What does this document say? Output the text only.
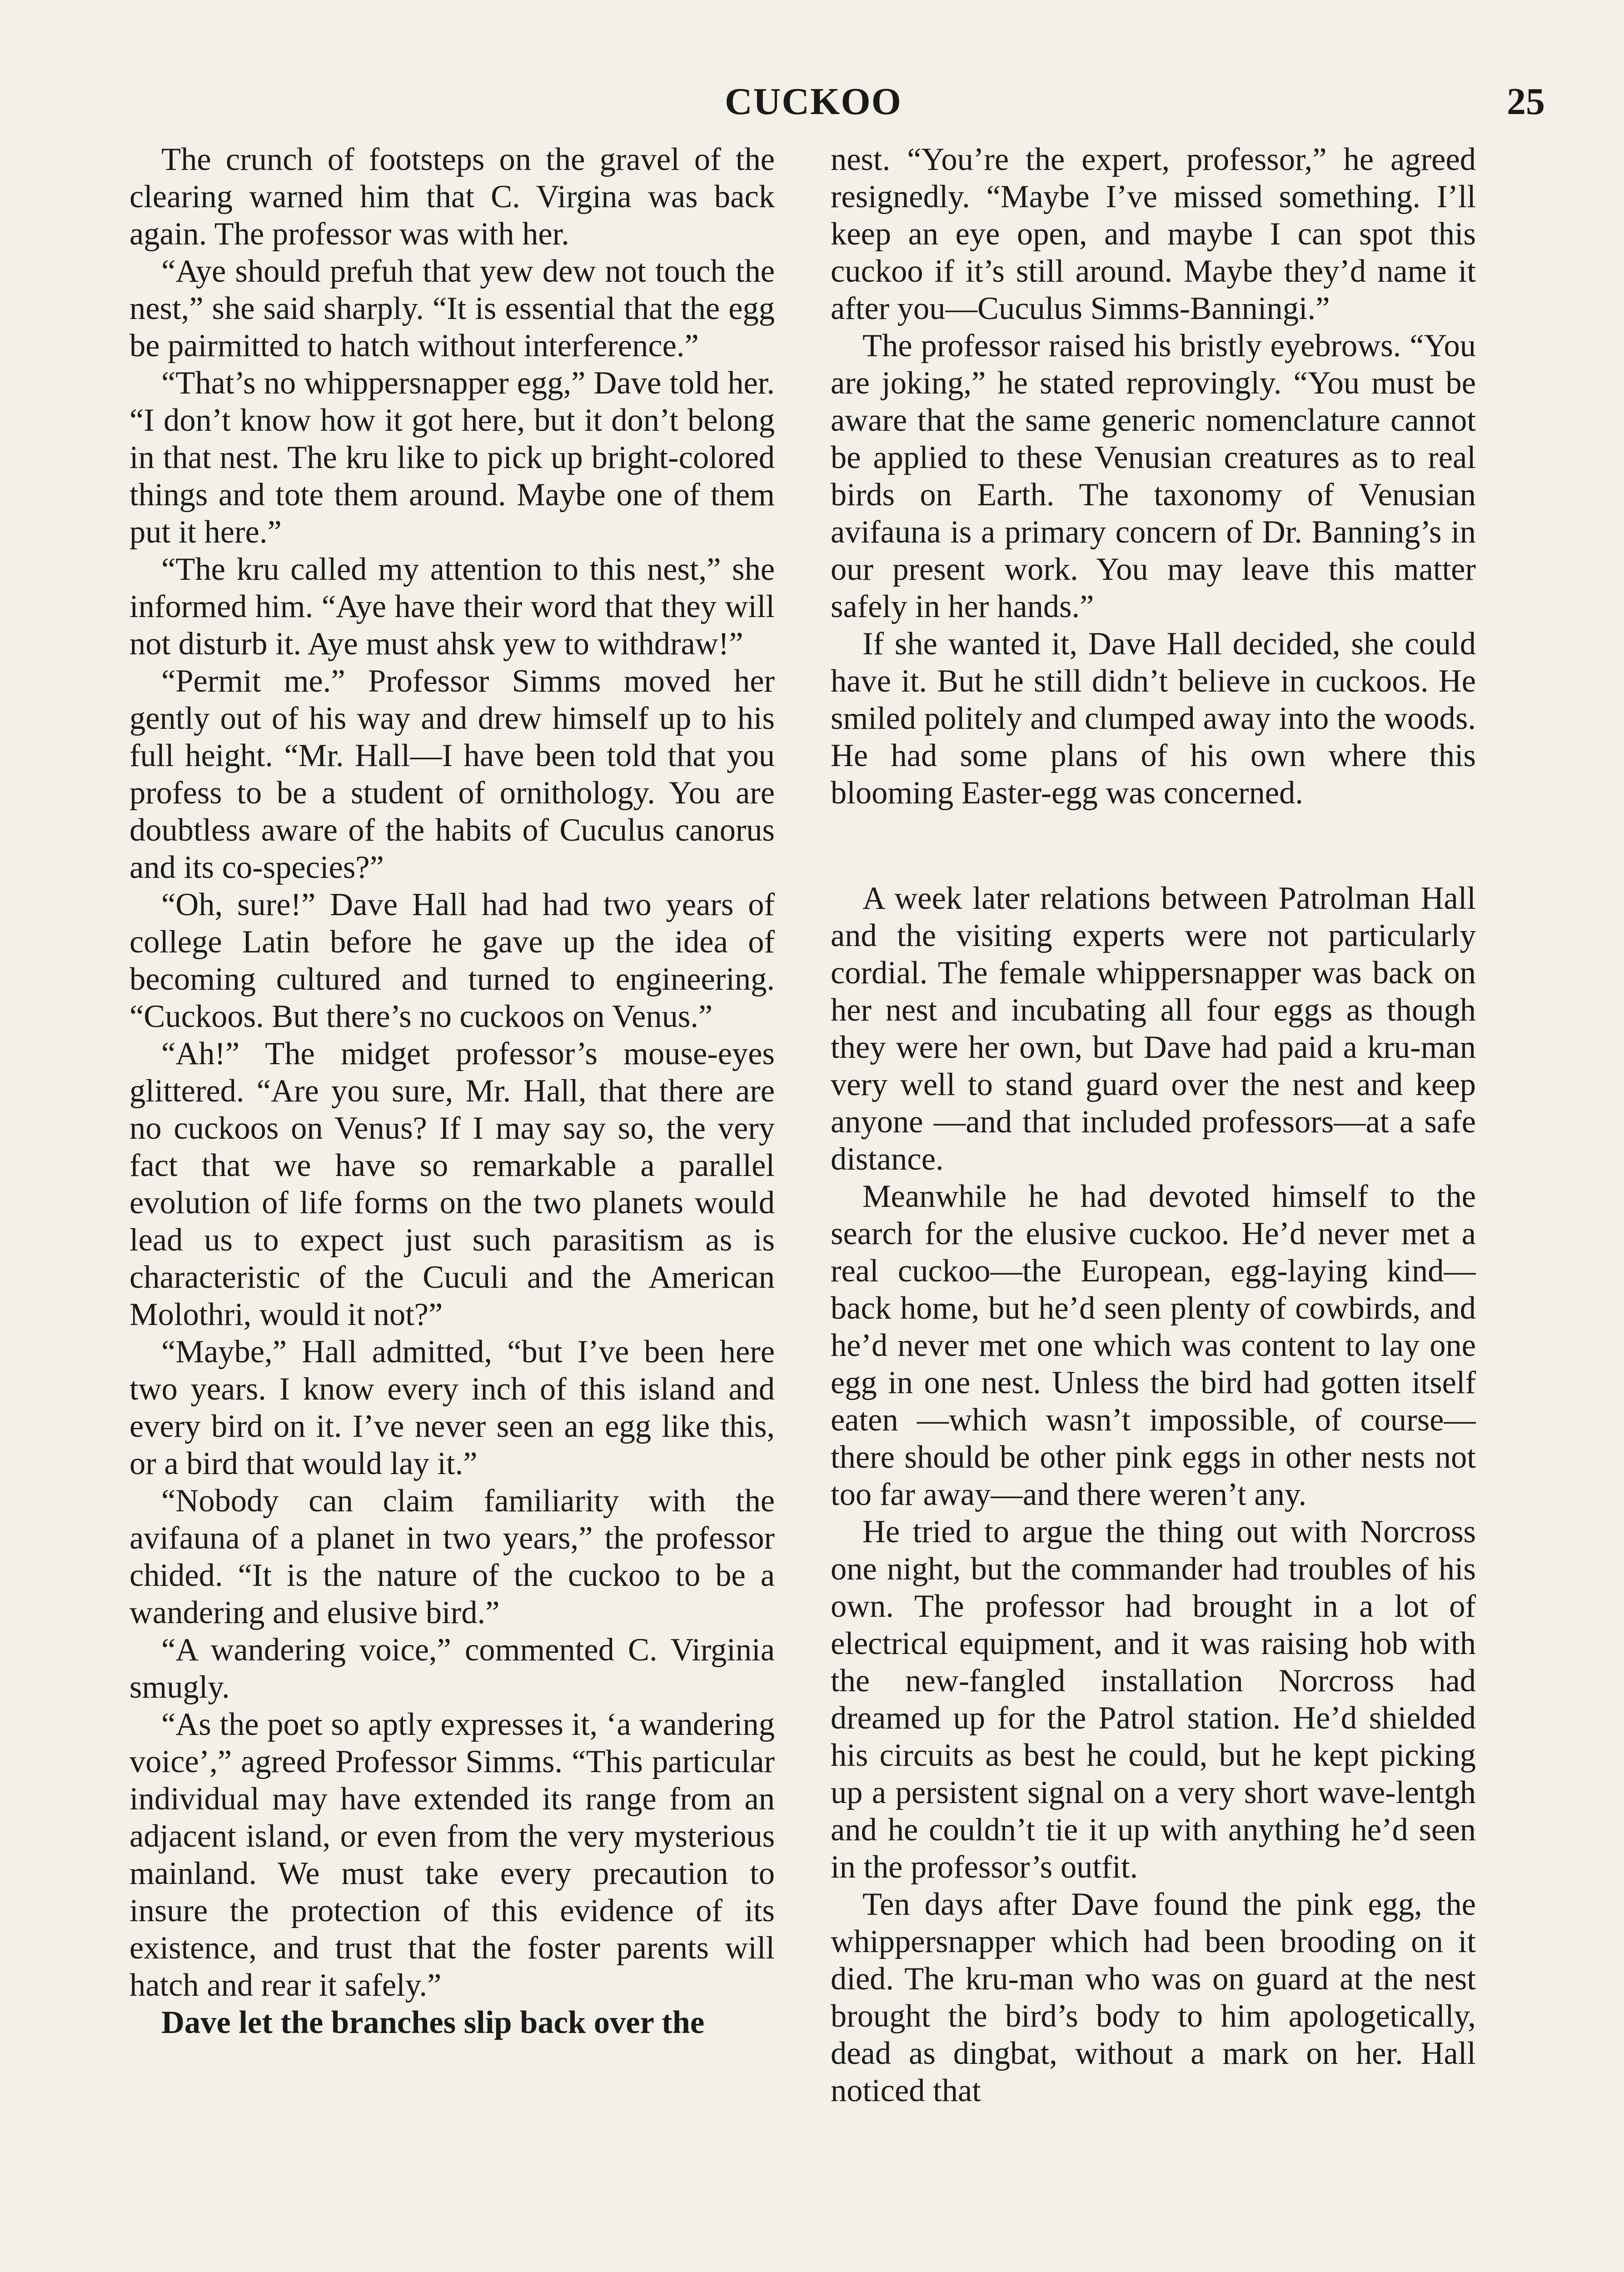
CUCKOO	25

The crunch of footsteps on the gravel of the clearing warned him that C. Virgina was back again. The professor was with her.

“Aye should prefuh that yew dew not touch the nest,” she said sharply. “It is essential that the egg be pairmitted to hatch without interference.”

“That’s no whippersnapper egg,” Dave told her. “I don’t know how it got here, but it don’t belong in that nest. The kru like to pick up bright-colored things and tote them around. Maybe one of them put it here.”

“The kru called my attention to this nest,” she informed him. “Aye have their word that they will not disturb it. Aye must ahsk yew to withdraw!”

“Permit me.” Professor Simms moved her gently out of his way and drew himself up to his full height. “Mr. Hall—I have been told that you profess to be a student of ornithology. You are doubtless aware of the habits of Cuculus canorus and its co-species?”

“Oh, sure!” Dave Hall had had two years of college Latin before he gave up the idea of becoming cultured and turned to engineering. “Cuckoos. But there’s no cuckoos on Venus.”

“Ah!” The midget professor’s mouse-eyes glittered. “Are you sure, Mr. Hall, that there are no cuckoos on Venus? If I may say so, the very fact that we have so remarkable a parallel evolution of life forms on the two planets would lead us to expect just such parasitism as is characteristic of the Cuculi and the American Molothri, would it not?”

“Maybe,” Hall admitted, “but I’ve been here two years. I know every inch of this island and every bird on it. I’ve never seen an egg like this, or a bird that would lay it.”

“Nobody can claim familiarity with the avifauna of a planet in two years,” the professor chided. “It is the nature of the cuckoo to be a wandering and elusive bird.”

“A wandering voice,” commented C. Virginia smugly.

“As the poet so aptly expresses it, ‘a wandering voice’,” agreed Professor Simms. “This particular individual may have extended its range from an adjacent island, or even from the very mysterious mainland. We must take every precaution to insure the protection of this evidence of its existence, and trust that the foster parents will hatch and rear it safely.”

Dave let the branches slip back over the

nest. “You’re the expert, professor,” he agreed resignedly. “Maybe I’ve missed something. I’ll keep an eye open, and maybe I can spot this cuckoo if it’s still around. Maybe they’d name it after you—Cuculus Simms-Banningi.”

The professor raised his bristly eyebrows. “You are joking,” he stated reprovingly. “You must be aware that the same generic nomenclature cannot be applied to these Venusian creatures as to real birds on Earth. The taxonomy of Venusian avifauna is a primary concern of Dr. Banning’s in our present work. You may leave this matter safely in her hands.”

If she wanted it, Dave Hall decided, she could have it. But he still didn’t believe in cuckoos. He smiled politely and clumped away into the woods. He had some plans of his own where this blooming Easter-egg was concerned.

A week later relations between Patrolman Hall and the visiting experts were not particularly cordial. The female whippersnapper was back on her nest and incubating all four eggs as though they were her own, but Dave had paid a kru-man very well to stand guard over the nest and keep anyone —and that included professors—at a safe distance.

Meanwhile he had devoted himself to the search for the elusive cuckoo. He’d never met a real cuckoo—the European, egg-laying kind—back home, but he’d seen plenty of cowbirds, and he’d never met one which was content to lay one egg in one nest. Unless the bird had gotten itself eaten —which wasn’t impossible, of course— there should be other pink eggs in other nests not too far away—and there weren’t any.

He tried to argue the thing out with Norcross one night, but the commander had troubles of his own. The professor had brought in a lot of electrical equipment, and it was raising hob with the new-fangled installation Norcross had dreamed up for the Patrol station. He’d shielded his circuits as best he could, but he kept picking up a persistent signal on a very short wave-lentgh and he couldn’t tie it up with anything he’d seen in the professor’s outfit.

Ten days after Dave found the pink egg, the whippersnapper which had been brooding on it died. The kru-man who was on guard at the nest brought the bird’s body to him apologetically, dead as dingbat, without a mark on her. Hall noticed that
